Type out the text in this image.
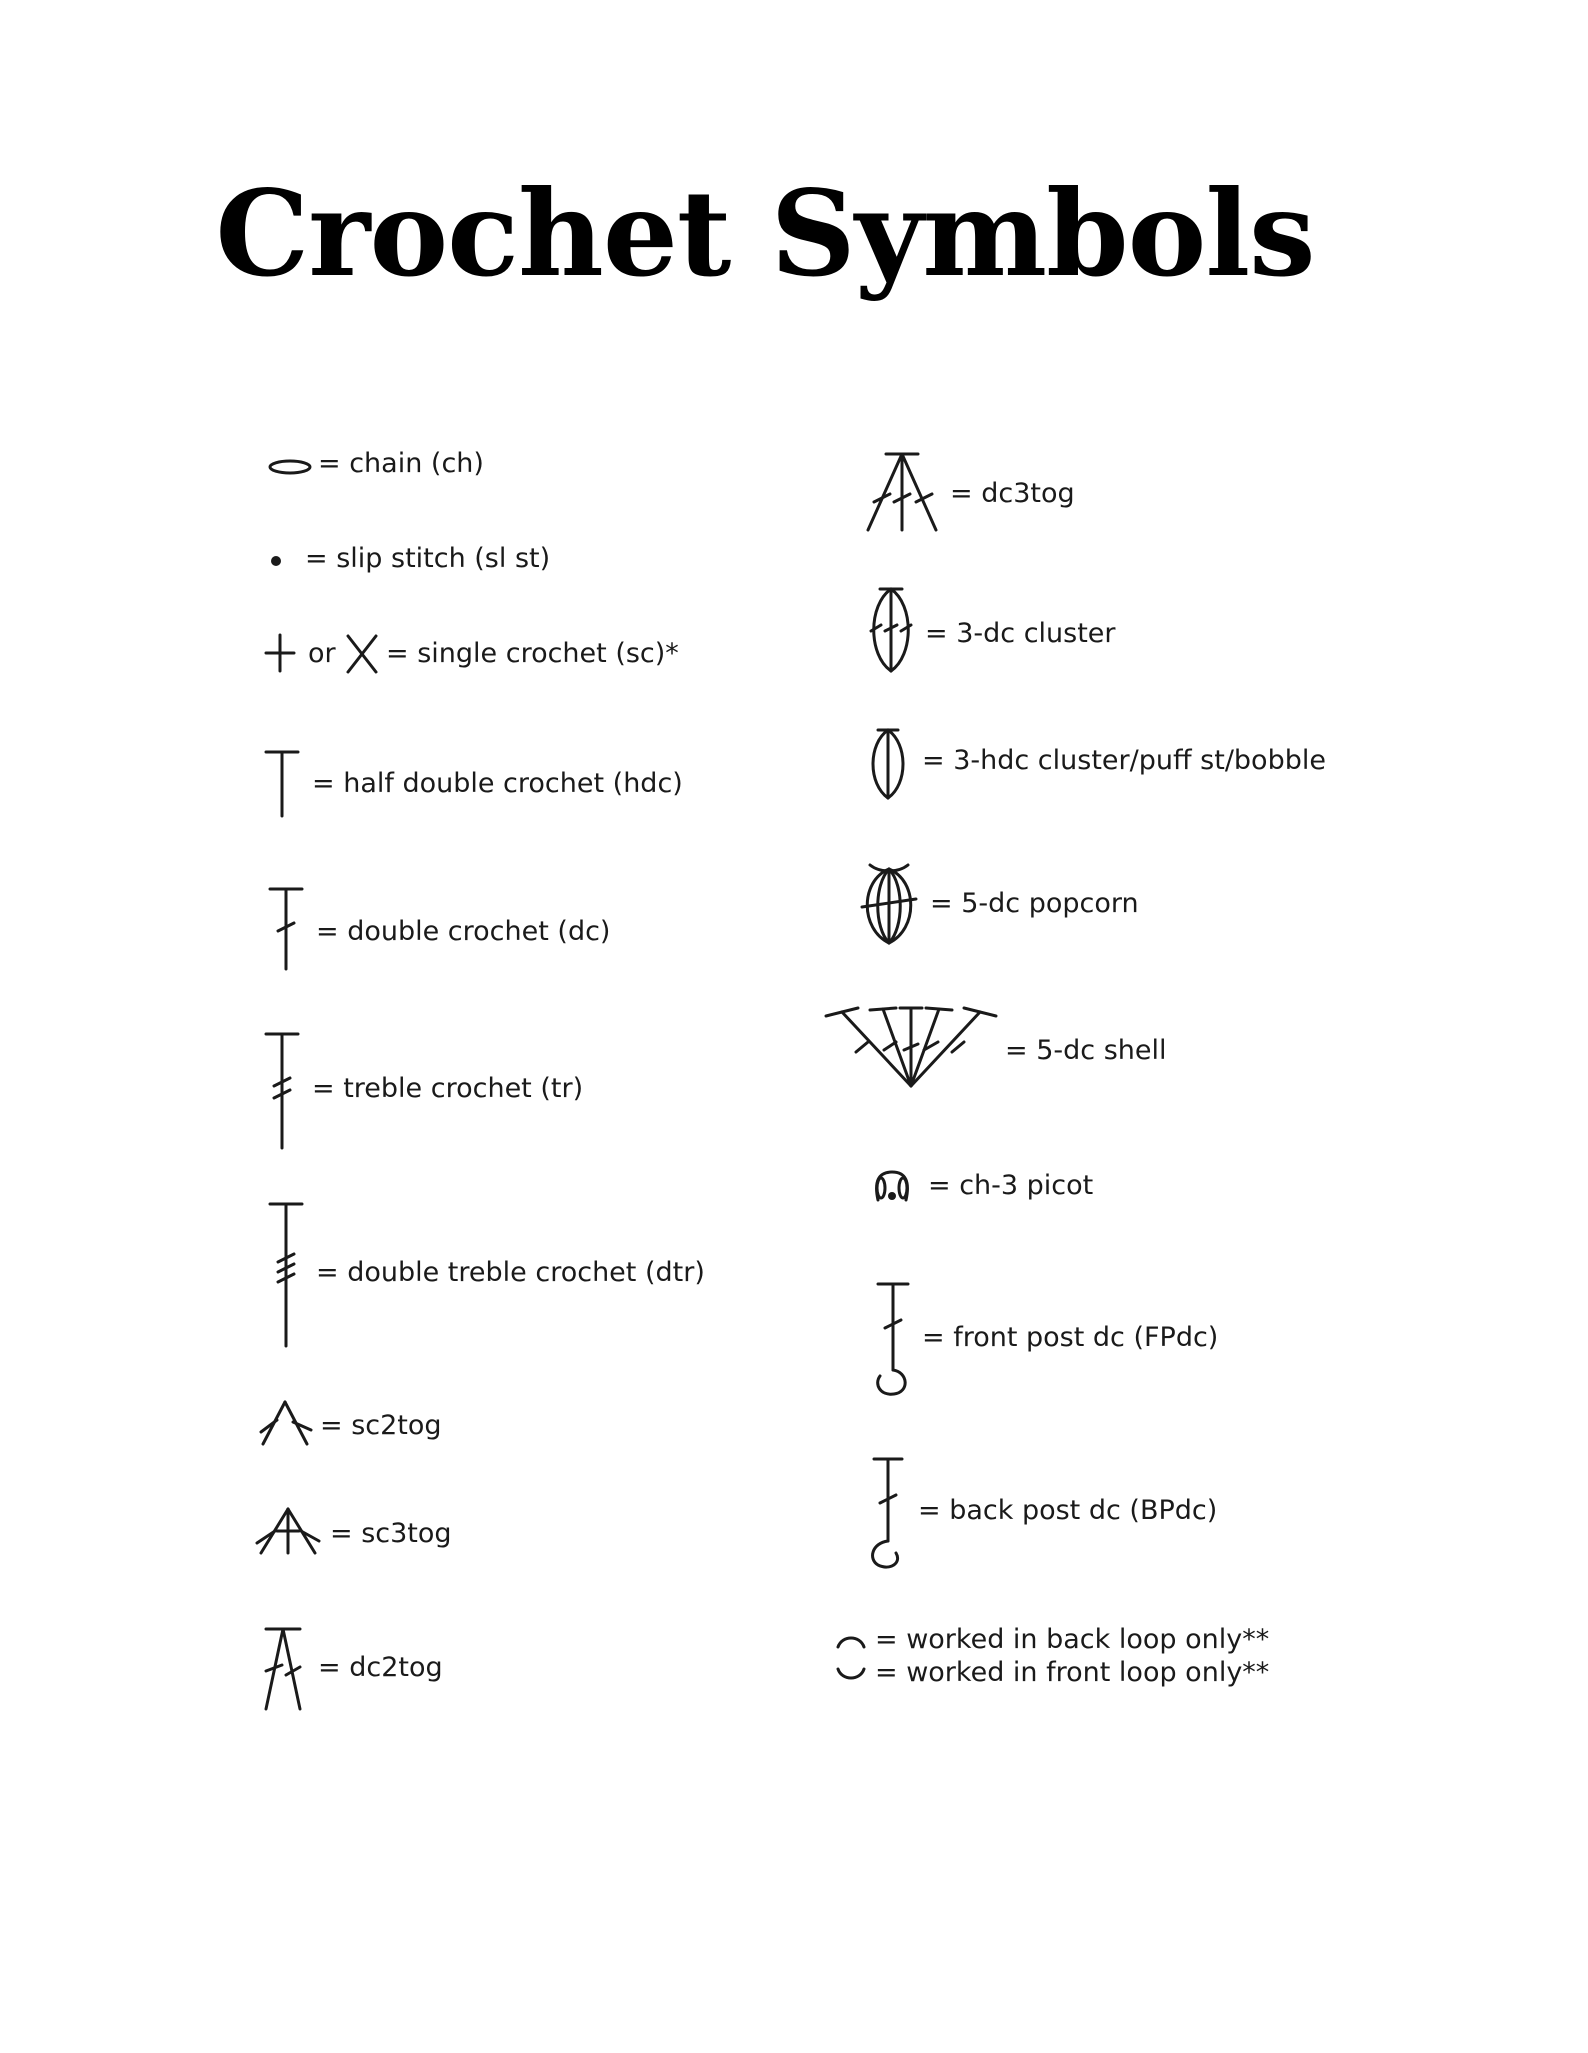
Crochet Symbols
= chain (ch)
= slip stitch (sl st)
or = single crochet (sc)*
= half double crochet (hdc)
= double crochet (dc)
= treble crochet (tr)
= double treble crochet (dtr)
= sc2tog
= sc3tog
= dc2tog
= dc3tog
= 3-dc cluster
= 3-hdc cluster/puff st/bobble
= 5-dc popcorn
= 5-dc shell
= ch-3 picot
= front post dc (FPdc)
= back post dc (BPdc)
= worked in back loop only**
= worked in front loop only**
